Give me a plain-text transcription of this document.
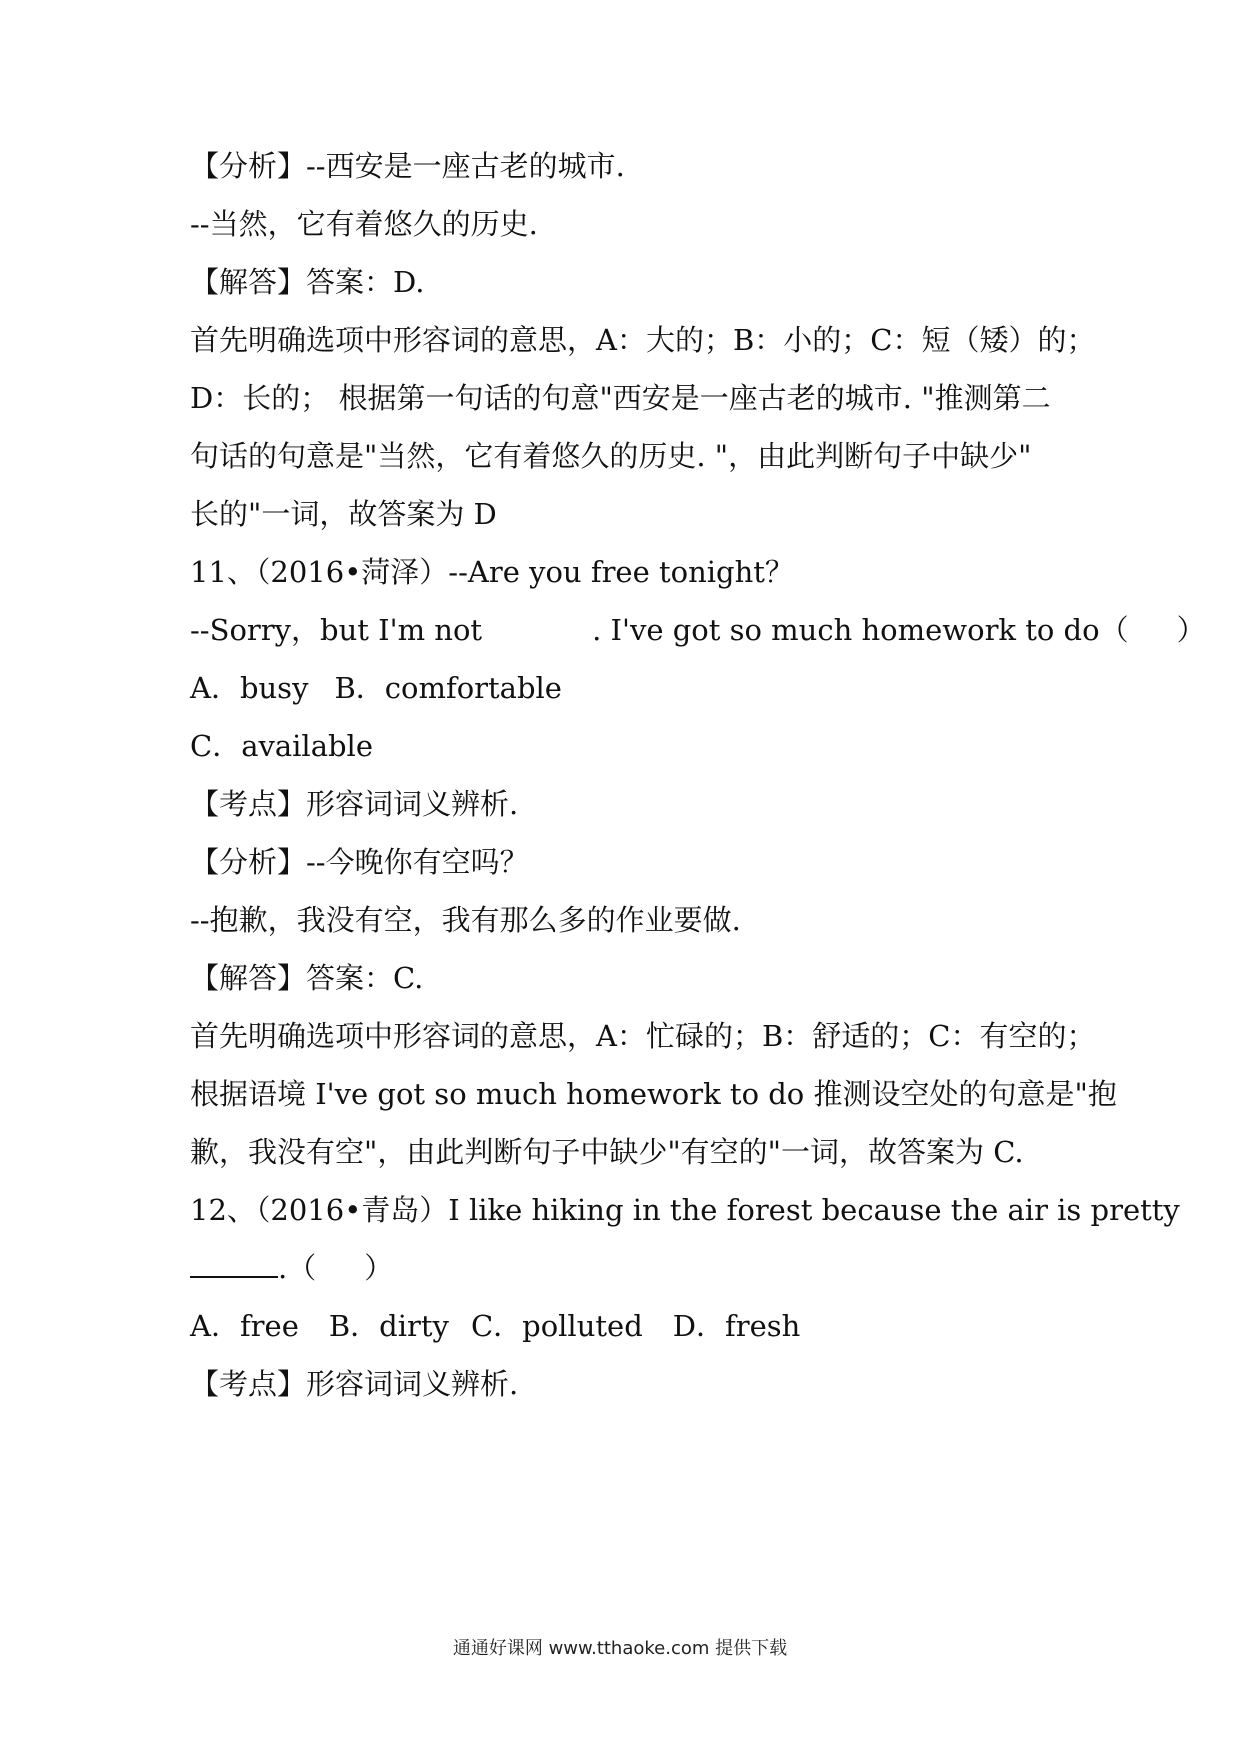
【分析】--西安是一座古老的城市.
--当然，它有着悠久的历史.
【解答】答案：D.
首先明确选项中形容词的意思，A：大的；B：小的；C：短（矮）的；
D：长的； 根据第一句话的句意"西安是一座古老的城市. "推测第二
句话的句意是"当然，它有着悠久的历史. "，由此判断句子中缺少"
长的"一词，故答案为 D
11、（2016•菏泽）--Are you free tonight？
--Sorry，but I'm not	. I've got so much homework to do（ ）
A．busy B．comfortable
C．available
【考点】形容词词义辨析.
【分析】--今晚你有空吗？
--抱歉，我没有空，我有那么多的作业要做.
【解答】答案：C.
首先明确选项中形容词的意思，A：忙碌的；B：舒适的；C：有空的；
根据语境 I've got so much homework to do 推测设空处的句意是"抱
歉，我没有空"，由此判断句子中缺少"有空的"一词，故答案为 C.
12、（2016•青岛）I like hiking in the forest because the air is pretty
.（ ）
A．free B．dirty C．polluted D．fresh
【考点】形容词词义辨析.
通通好课网 www.tthaoke.com 提供下载
